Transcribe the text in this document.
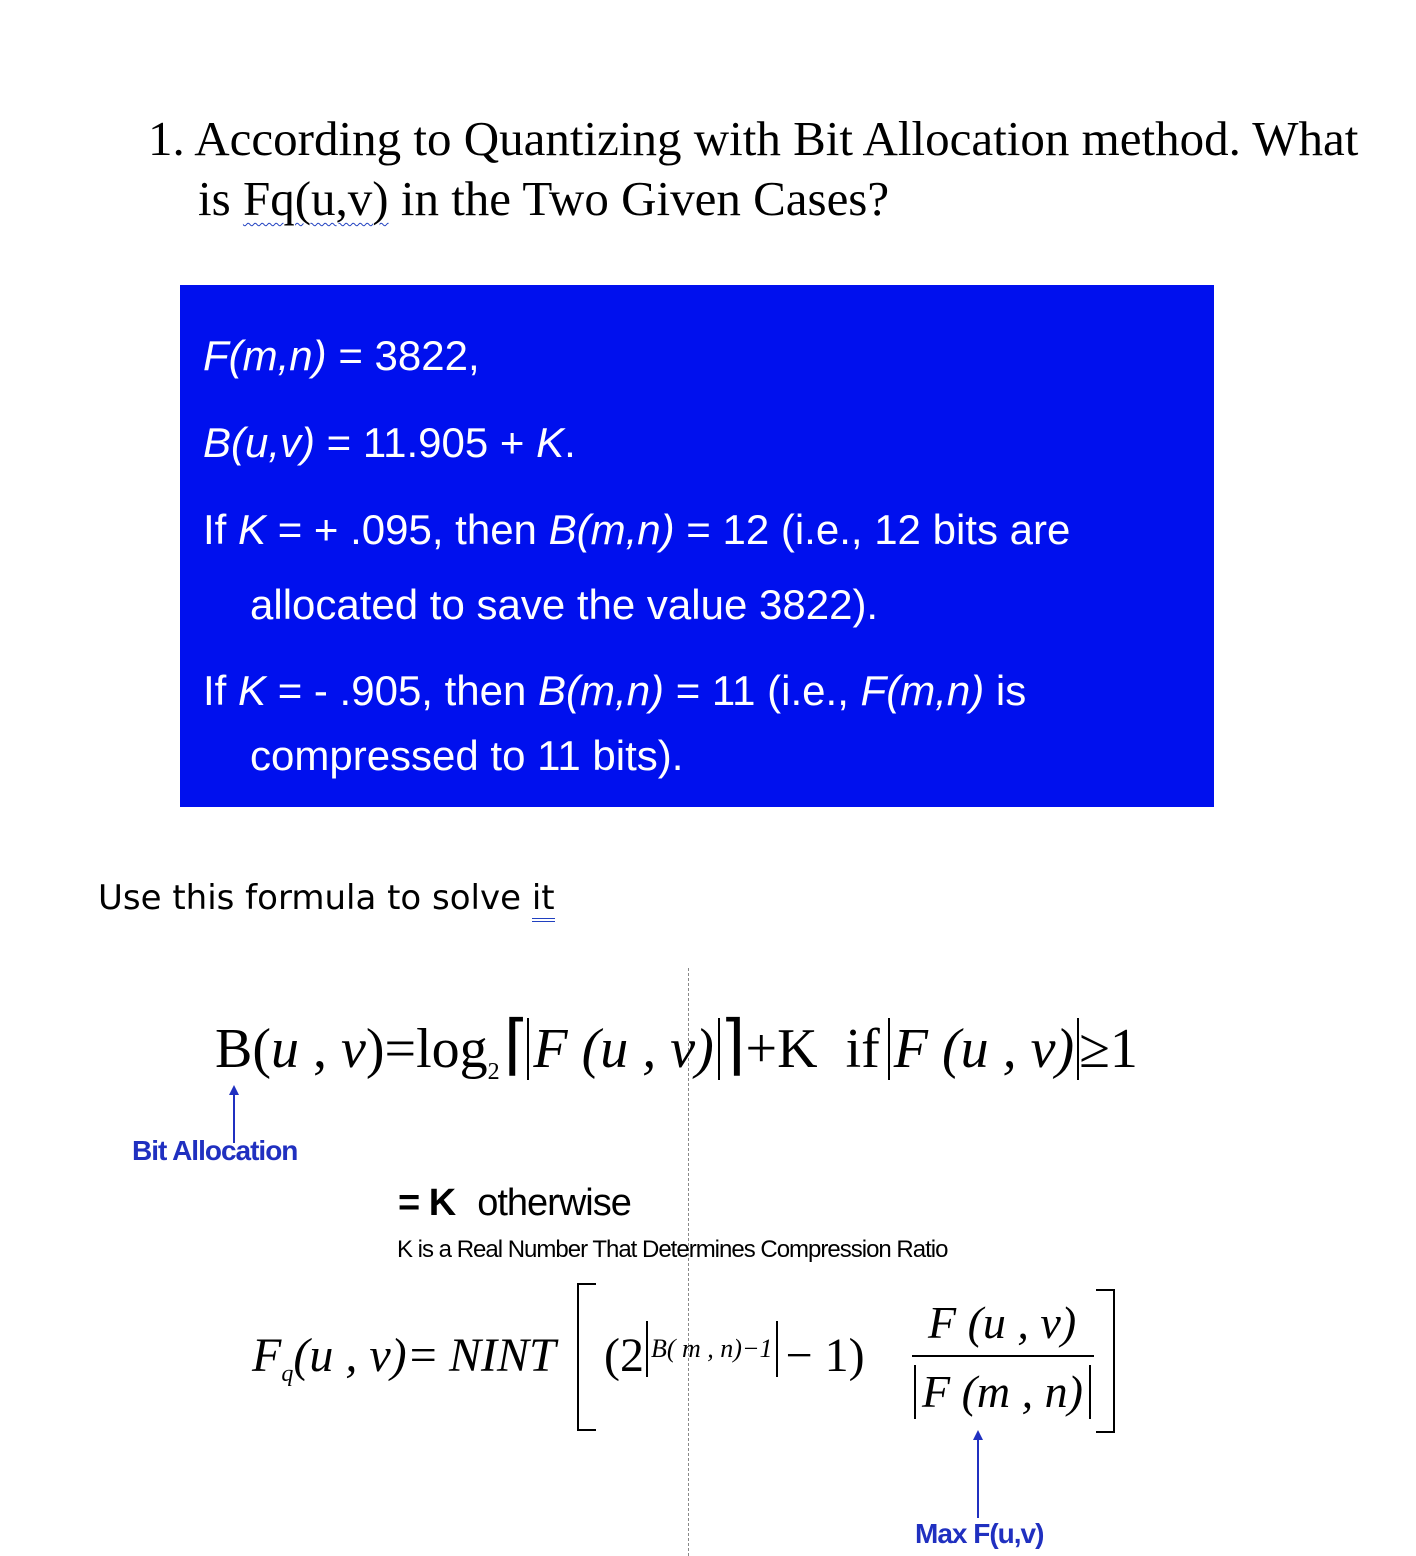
1. According to Quantizing with Bit Allocation method. What
is Fq(u,v) in the Two Given Cases?
F(m,n) = 3822,
B(u,v) = 11.905 + K.
If K = + .095, then B(m,n) = 12 (i.e., 12 bits are
allocated to save the value 3822).
If K = - .905, then B(m,n) = 11 (i.e., F(m,n) is
compressed to 11 bits).
Use this formula to solve it
B(u , $v)=\log_2⌈F$ (u , v)⌉+K if F (u , v)≥1
Bit Allocation
= K otherwise
K is a Real Number That Determines Compression Ratio
$F_q(u$ , v)= NINT (2 B( m , n)−1 − 1)
F (u , v)
F (m , n)
Max F(u,v)
